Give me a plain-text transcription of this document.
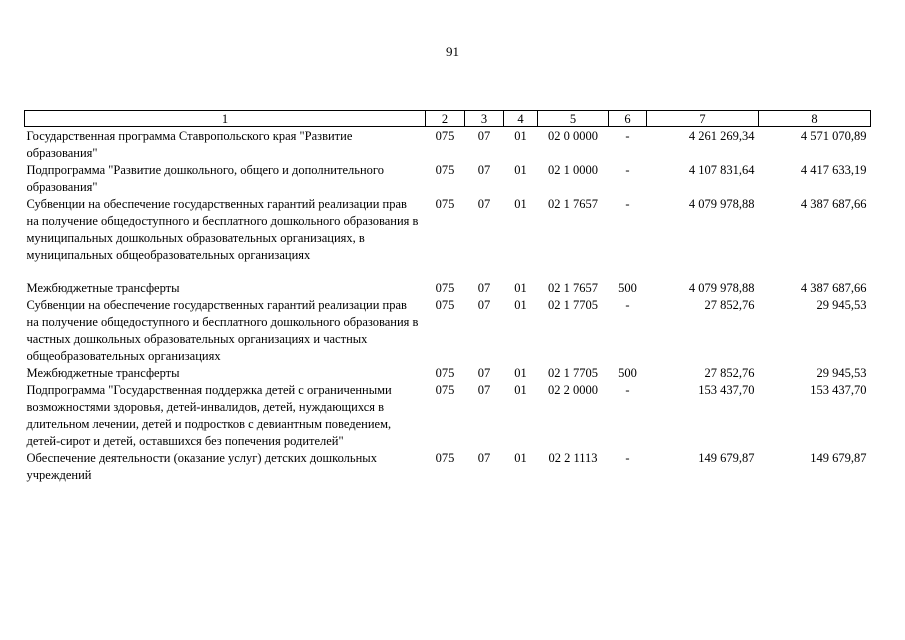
91
1	2	3	4	5	6	7	8
Государственная программа Ставропольского края "Развитие образования"	075	07	01	02 0 0000	-	4 261 269,34	4 571 070,89
Подпрограмма "Развитие дошкольного, общего и дополнительного образования"	075	07	01	02 1 0000	-	4 107 831,64	4 417 633,19
Субвенции на обеспечение государственных гарантий реализации прав на получение общедоступного и бесплатного дошкольного образования в муниципальных дошкольных образовательных организациях, в муниципальных общеобразовательных организациях	075	07	01	02 1 7657	-	4 079 978,88	4 387 687,66
Межбюджетные трансферты	075	07	01	02 1 7657	500	4 079 978,88	4 387 687,66
Субвенции на обеспечение государственных гарантий реализации прав на получение общедоступного и бесплатного дошкольного образования в частных дошкольных образовательных организациях и частных общеобразовательных организациях	075	07	01	02 1 7705	-	27 852,76	29 945,53
Межбюджетные трансферты	075	07	01	02 1 7705	500	27 852,76	29 945,53
Подпрограмма "Государственная поддержка детей с ограниченными возможностями здоровья, детей-инвалидов, детей, нуждающихся в длительном лечении, детей и подростков с девиантным поведением, детей-сирот и детей, оставшихся без попечения родителей"	075	07	01	02 2 0000	-	153 437,70	153 437,70
Обеспечение деятельности (оказание услуг) детских дошкольных учреждений	075	07	01	02 2 1113	-	149 679,87	149 679,87
